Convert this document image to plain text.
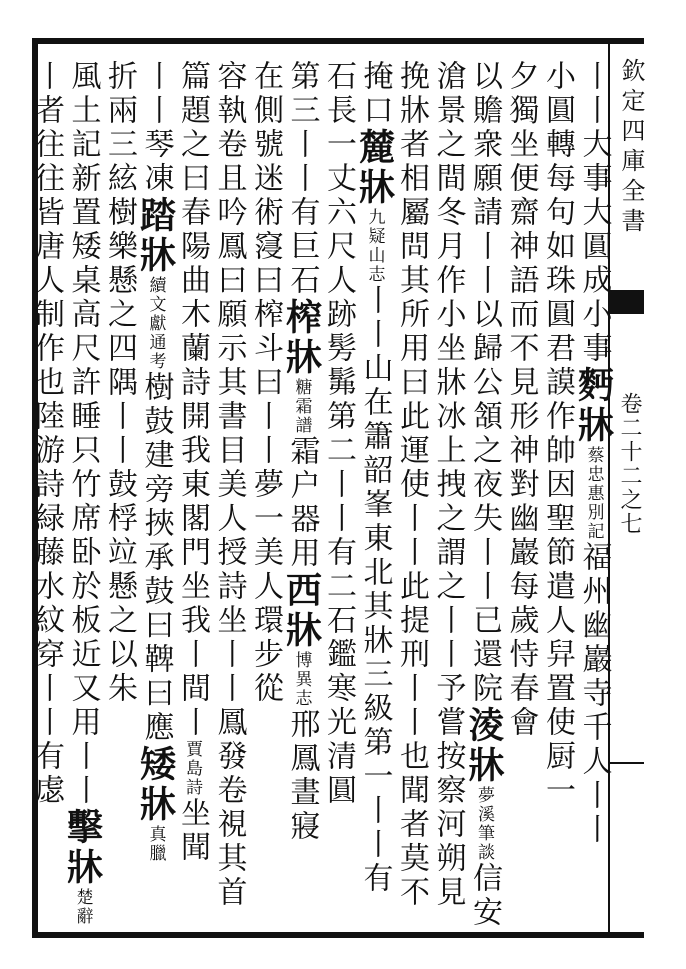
欽定四庫全書
卷二十二之七
丨丨大事大圓成小事麪牀蔡忠惠別記福州幽巖寺千人丨丨
小圓轉每句如珠圓君謨作帥因聖節遣人舁置使厨一
夕獨坐便齋神語而不見形神對幽巖每歲恃春會
以贍衆願請丨丨以歸公頷之夜失丨丨已還院淩牀夢溪筆談信安
滄景之間冬月作小坐牀冰上拽之謂之丨丨予嘗按察河朔見
挽牀者相屬問其所用曰此運使丨丨此提刑丨丨也聞者莫不
掩口麓牀九疑山志丨丨山在簫韶峯東北其牀三級第一丨丨有
石長一丈六尺人跡髣髴第二丨丨有二石鑑寒光清圓
第三丨丨有巨石榨牀糖霜譜霜户器用西牀博異志邢鳳晝寢
在側號迷術䆮曰榨斗曰丨丨夢一美人環步從
容執卷且吟鳳曰願示其書目美人授詩坐丨丨鳳發卷視其首
篇題之曰春陽曲木蘭詩開我東閣門坐我丨間丨賈島詩坐聞
丨丨琴凍踏牀續文獻通考樹鼓建旁挾承鼓曰鞞曰應矮牀真臘
折兩三絃樹樂懸之四隅丨丨鼓桴竝懸之以朱
風土記新置矮桌高尺許睡只竹席卧於板近又用丨丨擊牀楚辭
丨者往往皆唐人制作也陸游詩緑藤水紋穿丨丨有虙
